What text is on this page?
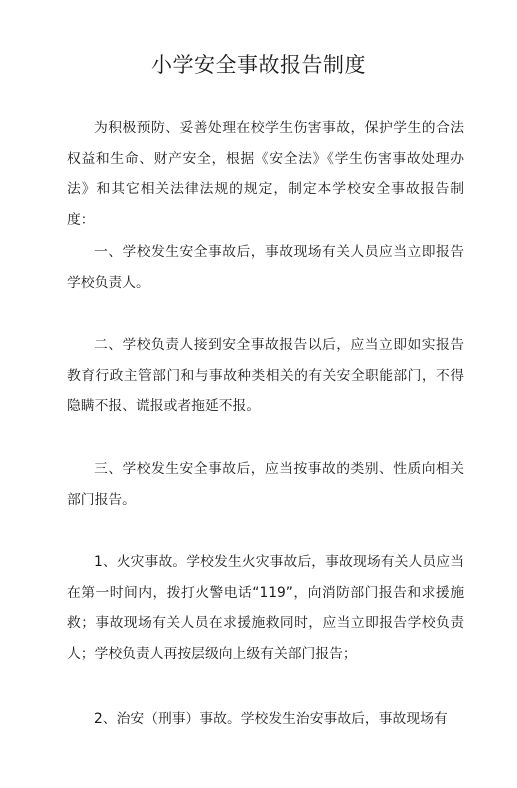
小学安全事故报告制度

为积极预防、妥善处理在校学生伤害事故，保护学生的合法权益和生命、财产安全，根据《安全法》《学生伤害事故处理办法》和其它相关法律法规的规定，制定本学校安全事故报告制度：

一、学校发生安全事故后，事故现场有关人员应当立即报告学校负责人。

二、学校负责人接到安全事故报告以后，应当立即如实报告教育行政主管部门和与事故种类相关的有关安全职能部门，不得隐瞒不报、谎报或者拖延不报。

三、学校发生安全事故后，应当按事故的类别、性质向相关部门报告。

1、火灾事故。学校发生火灾事故后，事故现场有关人员应当在第一时间内，拨打火警电话“119”，向消防部门报告和求援施救；事故现场有关人员在求援施救同时，应当立即报告学校负责人；学校负责人再按层级向上级有关部门报告；

2、治安（刑事）事故。学校发生治安事故后，事故现场有
